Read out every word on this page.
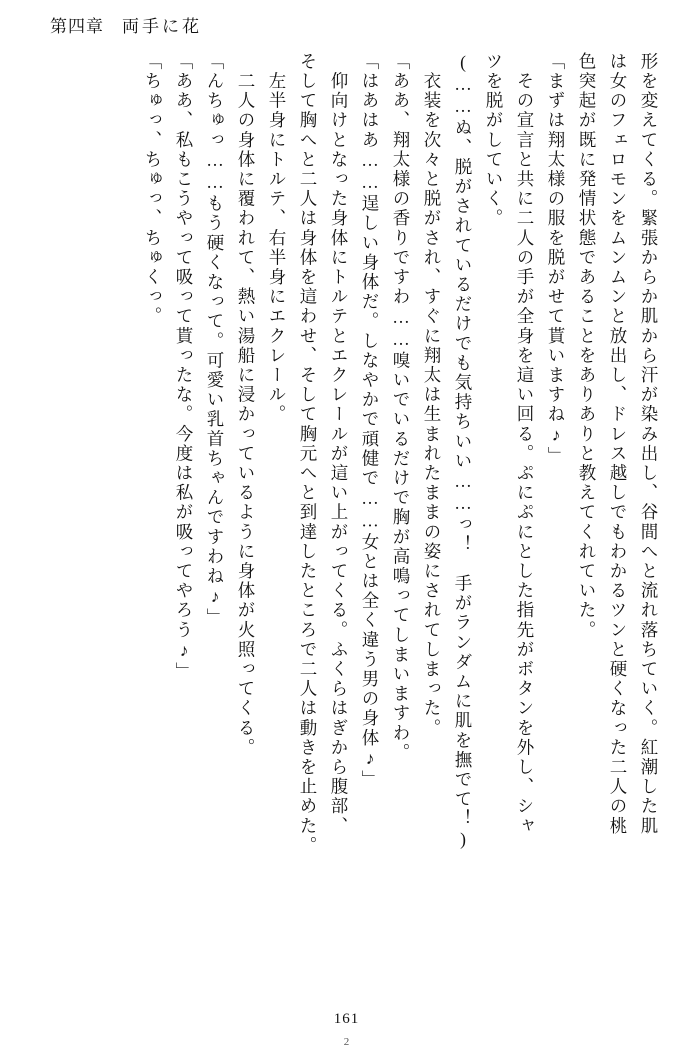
第四章 両手に花
形を変えてくる。緊張からか肌から汗が染み出し、谷間へと流れ落ちていく。紅潮した肌
は女のフェロモンをムンムンと放出し、ドレス越しでもわかるツンと硬くなった二人の桃
色突起が既に発情状態であることをありありと教えてくれていた。
「まずは翔太様の服を脱がせて貰いますね♪」
　その宣言と共に二人の手が全身を這い回る。ぷにぷにとした指先がボタンを外し、シャ
ツを脱がしていく。
(……ぬ、脱がされているだけでも気持ちいい……っ！　手がランダムに肌を撫でて！)
　衣装を次々と脱がされ、すぐに翔太は生まれたままの姿にされてしまった。
「ああ、翔太様の香りですわ……嗅いでいるだけで胸が高鳴ってしまいますわ。
「はあはあ……逞しい身体だ。しなやかで頑健で……女とは全く違う男の身体♪」
　仰向けとなった身体にトルテとエクレールが這い上がってくる。ふくらはぎから腹部、
そして胸へと二人は身体を這わせ、そして胸元へと到達したところで二人は動きを止めた。
　左半身にトルテ、右半身にエクレール。
　二人の身体に覆われて、熱い湯船に浸かっているように身体が火照ってくる。
「んちゅっ……もう硬くなって。可愛い乳首ちゃんですわね♪」
「ああ、私もこうやって吸って貰ったな。今度は私が吸ってやろう♪」
「ちゅっ、ちゅっ、ちゅくっ。
161
2
